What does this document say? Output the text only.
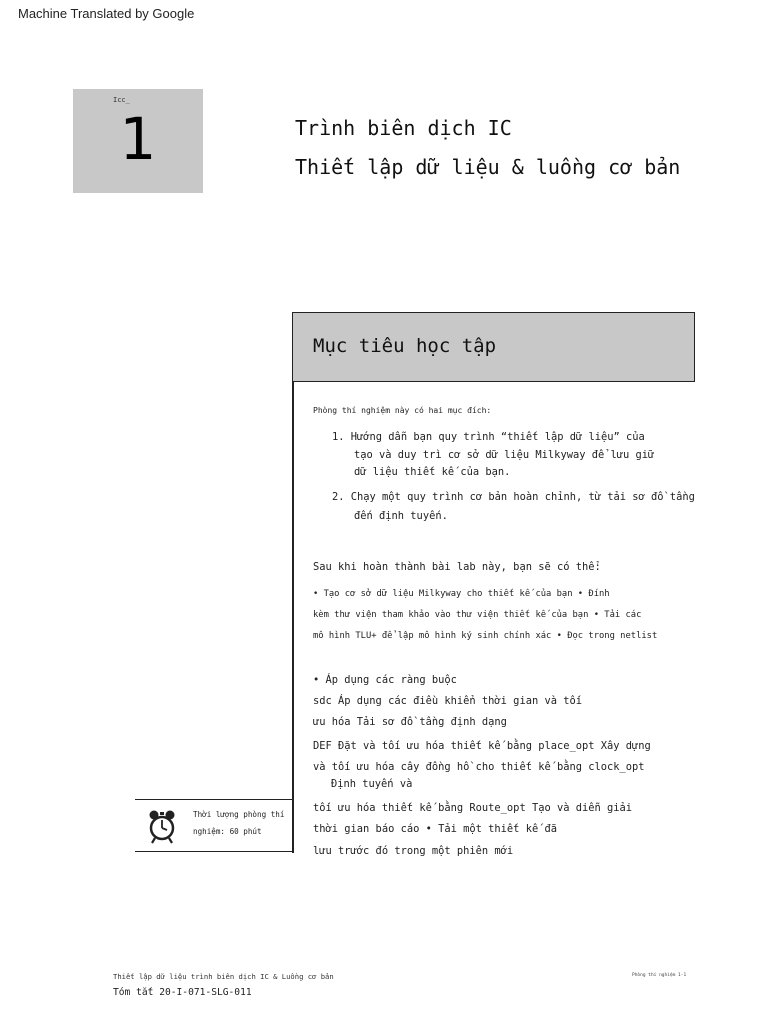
Machine Translated by Google
Icc_
1	Trình biên dịch IC
Thiết lập dữ liệu & luồng cơ bản
Mục tiêu học tập
Phòng thí nghiệm này có hai mục đích:
1. Hướng dẫn bạn quy trình “thiết lập dữ liệu” của
tạo và duy trì cơ sở dữ liệu Milkyway để lưu giữ
dữ liệu thiết kế của bạn.
2. Chạy một quy trình cơ bản hoàn chỉnh, từ tải sơ đồ tầng
đến định tuyến.
Sau khi hoàn thành bài lab này, bạn sẽ có thể:
• Tạo cơ sở dữ liệu Milkyway cho thiết kế của bạn • Đính
kèm thư viện tham khảo vào thư viện thiết kế của bạn • Tải các
mô hình TLU+ để lập mô hình ký sinh chính xác • Đọc trong netlist
• Áp dụng các ràng buộc
sdc Áp dụng các điều khiển thời gian và tối
ưu hóa Tải sơ đồ tầng định dạng
DEF Đặt và tối ưu hóa thiết kế bằng place_opt Xây dựng
và tối ưu hóa cây đồng hồ cho thiết kế bằng clock_opt
Định tuyến và
tối ưu hóa thiết kế bằng Route_opt Tạo và diễn giải
thời gian báo cáo • Tải một thiết kế đã
lưu trước đó trong một phiên mới
Thời lượng phòng thí
nghiệm: 60 phút
Thiết lập dữ liệu trình biên dịch IC & Luồng cơ bản
Tóm tắt 20-I-071-SLG-011
Phòng thí nghiệm 1-1
